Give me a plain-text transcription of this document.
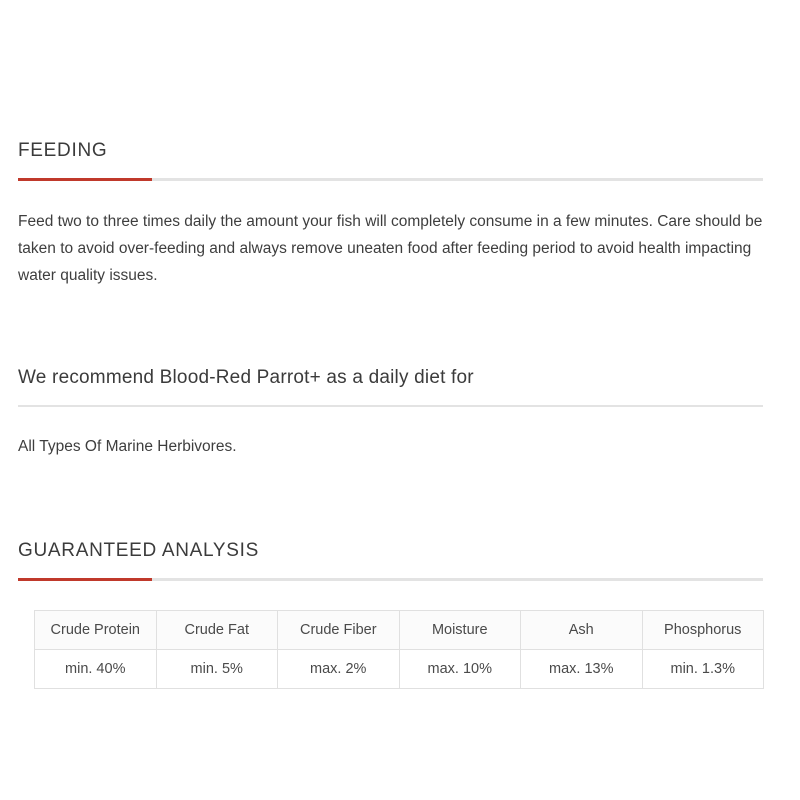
FEEDING

Feed two to three times daily the amount your fish will completely consume in a few minutes. Care should be taken to avoid over-feeding and always remove uneaten food after feeding period to avoid health impacting water quality issues.

We recommend Blood-Red Parrot+ as a daily diet for

All Types Of Marine Herbivores.

GUARANTEED ANALYSIS
Crude Protein	Crude Fat	Crude Fiber	Moisture	Ash	Phosphorus
min. 40%	min. 5%	max. 2%	max. 10%	max. 13%	min. 1.3%
